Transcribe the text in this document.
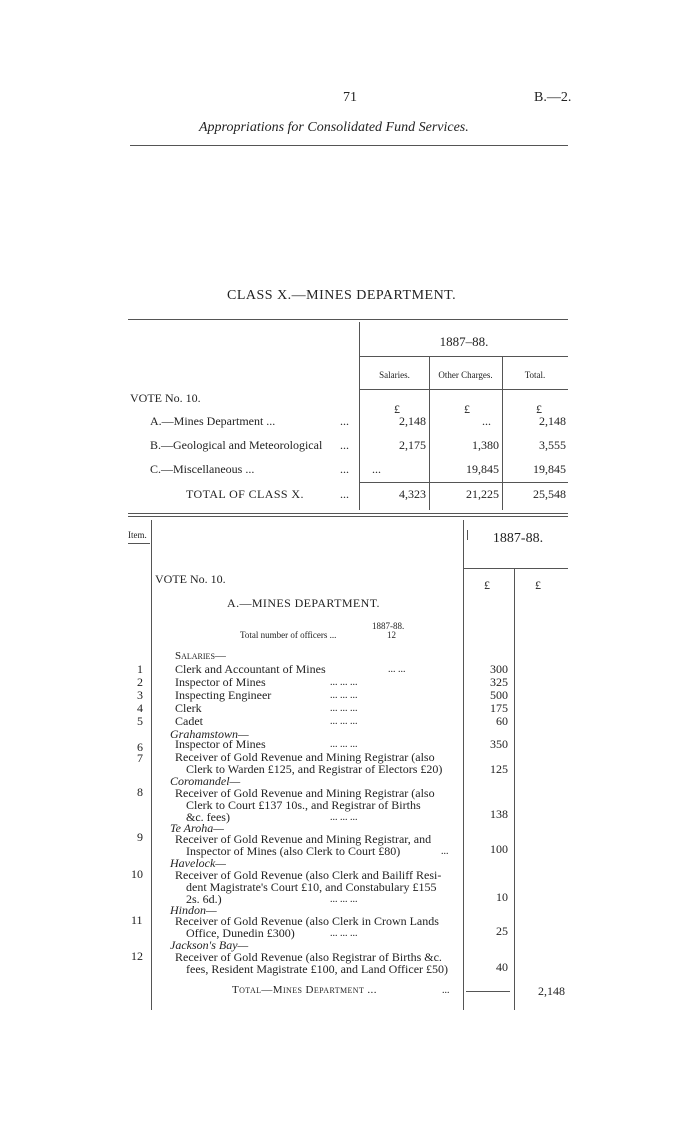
71	B.—2.
Appropriations for Consolidated Fund Services.
CLASS X.—MINES DEPARTMENT.
1887–88.
Salaries.	Other Charges.	Total.
VOTE No. 10.
£	£	£
A.—Mines Department ...	...	2,148	...	2,148
B.—Geological and Meteorological ...	2,175	1,380	3,555
C.—Miscellaneous ...	... ...	19,845	19,845
TOTAL OF CLASS X.	...	4,323	21,225	25,548
Item.	1887-88.
£	£
VOTE No. 10.
A.—MINES DEPARTMENT.
1887-88.
Total number of officers ...	12
Salaries—
1	Clerk and Accountant of Mines	... ...	300
2	Inspector of Mines	... ... ...	325
3	Inspecting Engineer	... ... ...	500
4	Clerk	... ... ...	175
5	Cadet	... ... ...	60
Grahamstown—
6	Inspector of Mines	... ... ...	350
7	Receiver of Gold Revenue and Mining Registrar (also
Clerk to Warden £125, and Registrar of Electors £20)	125
Coromandel—
8	Receiver of Gold Revenue and Mining Registrar (also
Clerk to Court £137 10s., and Registrar of Births
&c. fees)	... ... ...	138
Te Aroha—
9	Receiver of Gold Revenue and Mining Registrar, and
Inspector of Mines (also Clerk to Court £80)	...	100
Havelock—
10	Receiver of Gold Revenue (also Clerk and Bailiff Resi-
dent Magistrate's Court £10, and Constabulary £155
2s. 6d.)	... ... ...	10
Hindon—
11	Receiver of Gold Revenue (also Clerk in Crown Lands
Office, Dunedin £300)	... ... ...	25
Jackson's Bay—
12	Receiver of Gold Revenue (also Registrar of Births &c.
fees, Resident Magistrate £100, and Land Officer £50)	40
Total—Mines Department ...	...	2,148
